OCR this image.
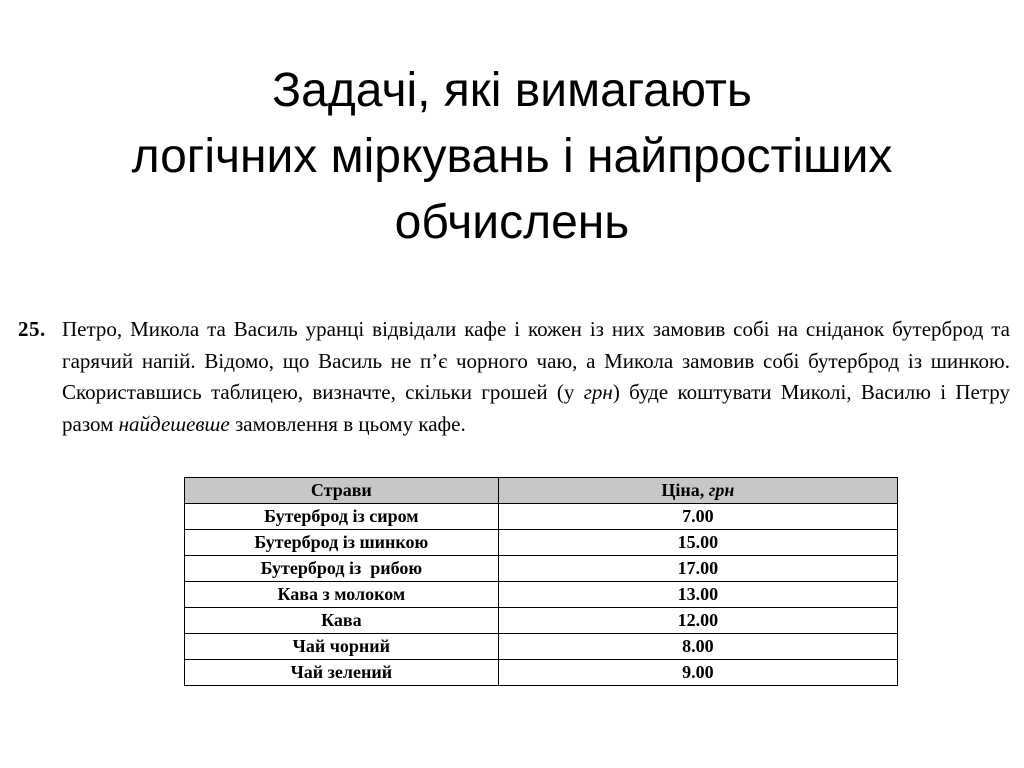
Задачі, які вимагають
логічних міркувань і найпростіших
обчислень
25. Петро, Микола та Василь уранці відвідали кафе і кожен із них замовив собі на сніданок бутерброд та гарячий напій. Відомо, що Василь не п’є чорного чаю, а Микола замовив собі бутерброд із шинкою. Скориставшись таблицею, визначте, скільки грошей (у грн) буде коштувати Миколі, Василю і Петру разом найдешевше замовлення в цьому кафе.
Страви	Ціна, грн
Бутерброд із сиром	7.00
Бутерброд із шинкою	15.00
Бутерброд із  рибою	17.00
Кава з молоком	13.00
Кава	12.00
Чай чорний	8.00
Чай зелений	9.00
